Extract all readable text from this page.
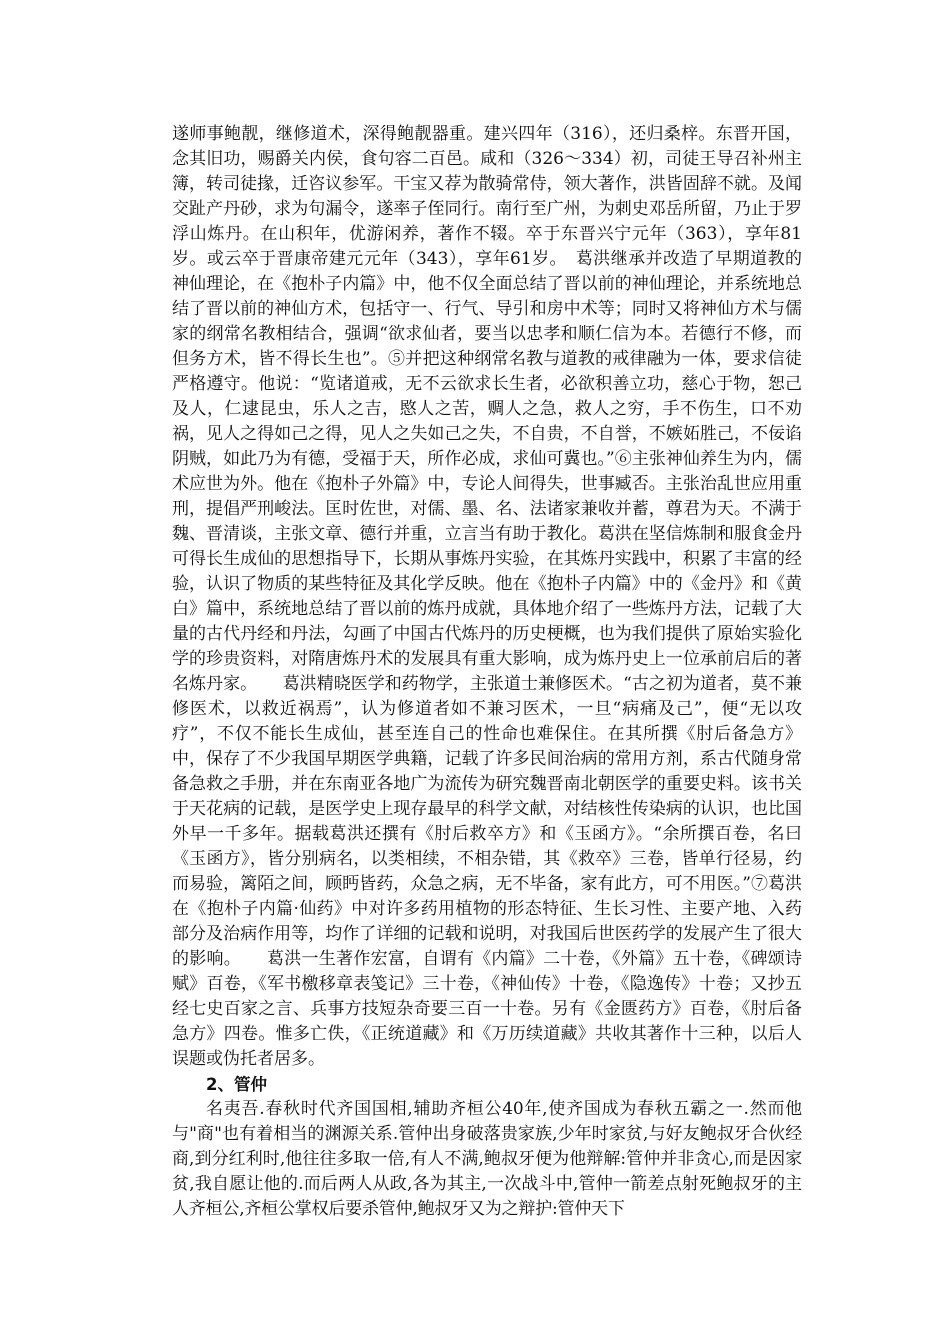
遂师事鲍靓，继修道术，深得鲍靓器重。建兴四年（316），还归桑梓。东晋开国，念其旧功，赐爵关内侯，食句容二百邑。咸和（326～334）初，司徒王导召补州主簿，转司徒掾，迁咨议参军。干宝又荐为散骑常侍，领大著作，洪皆固辞不就。及闻交趾产丹砂，求为句漏令，遂率子侄同行。南行至广州，为刺史邓岳所留，乃止于罗浮山炼丹。在山积年，优游闲养，著作不辍。卒于东晋兴宁元年（363），享年81岁。或云卒于晋康帝建元元年（343），享年61岁。　葛洪继承并改造了早期道教的神仙理论，在《抱朴子内篇》中，他不仅全面总结了晋以前的神仙理论，并系统地总结了晋以前的神仙方术，包括守一、行气、导引和房中术等；同时又将神仙方术与儒家的纲常名教相结合，强调“欲求仙者，要当以忠孝和顺仁信为本。若德行不修，而但务方术，皆不得长生也”。⑤并把这种纲常名教与道教的戒律融为一体，要求信徒严格遵守。他说：“览诸道戒，无不云欲求长生者，必欲积善立功，慈心于物，恕己及人，仁逮昆虫，乐人之吉，愍人之苦，赒人之急，救人之穷，手不伤生，口不劝祸，见人之得如己之得，见人之失如己之失，不自贵，不自誉，不嫉妬胜己，不佞谄阴贼，如此乃为有德，受福于天，所作必成，求仙可冀也。”⑥主张神仙养生为内，儒术应世为外。他在《抱朴子外篇》中，专论人间得失，世事臧否。主张治乱世应用重刑，提倡严刑峻法。匡时佐世，对儒、墨、名、法诸家兼收并蓄，尊君为天。不满于魏、晋清谈，主张文章、德行并重，立言当有助于教化。葛洪在坚信炼制和服食金丹可得长生成仙的思想指导下，长期从事炼丹实验，在其炼丹实践中，积累了丰富的经验，认识了物质的某些特征及其化学反映。他在《抱朴子内篇》中的《金丹》和《黄白》篇中，系统地总结了晋以前的炼丹成就，具体地介绍了一些炼丹方法，记载了大量的古代丹经和丹法，勾画了中国古代炼丹的历史梗概，也为我们提供了原始实验化学的珍贵资料，对隋唐炼丹术的发展具有重大影响，成为炼丹史上一位承前启后的著名炼丹家。　　葛洪精晓医学和药物学，主张道士兼修医术。“古之初为道者，莫不兼修医术，以救近祸焉”，认为修道者如不兼习医术，一旦“病痛及己”，便“无以攻疗”，不仅不能长生成仙，甚至连自己的性命也难保住。在其所撰《肘后备急方》中，保存了不少我国早期医学典籍，记载了许多民间治病的常用方剂，系古代随身常备急救之手册，并在东南亚各地广为流传为研究魏晋南北朝医学的重要史料。该书关于天花病的记载，是医学史上现存最早的科学文献，对结核性传染病的认识，也比国外早一千多年。据载葛洪还撰有《肘后救卒方》和《玉函方》。“余所撰百卷，名曰《玉函方》，皆分别病名，以类相续，不相杂错，其《救卒》三卷，皆单行径易，约而易验，篱陌之间，顾眄皆药，众急之病，无不毕备，家有此方，可不用医。”⑦葛洪在《抱朴子内篇·仙药》中对许多药用植物的形态特征、生长习性、主要产地、入药部分及治病作用等，均作了详细的记载和说明，对我国后世医药学的发展产生了很大的影响。　　葛洪一生著作宏富，自谓有《内篇》二十卷，《外篇》五十卷，《碑颂诗赋》百卷，《军书檄移章表笺记》三十卷，《神仙传》十卷，《隐逸传》十卷；又抄五经七史百家之言、兵事方技短杂奇要三百一十卷。另有《金匮药方》百卷，《肘后备急方》四卷。惟多亡佚，《正统道藏》和《万历续道藏》共收其著作十三种，以后人误题或伪托者居多。

2、管仲

名夷吾.春秋时代齐国国相,辅助齐桓公40年,使齐国成为春秋五霸之一.然而他与"商"也有着相当的渊源关系.管仲出身破落贵家族,少年时家贫,与好友鲍叔牙合伙经商,到分红利时,他往往多取一倍,有人不满,鲍叔牙便为他辩解:管仲并非贪心,而是因家贫,我自愿让他的.而后两人从政,各为其主,一次战斗中,管仲一箭差点射死鲍叔牙的主人齐桓公,齐桓公掌权后要杀管仲,鲍叔牙又为之辩护:管仲天下
